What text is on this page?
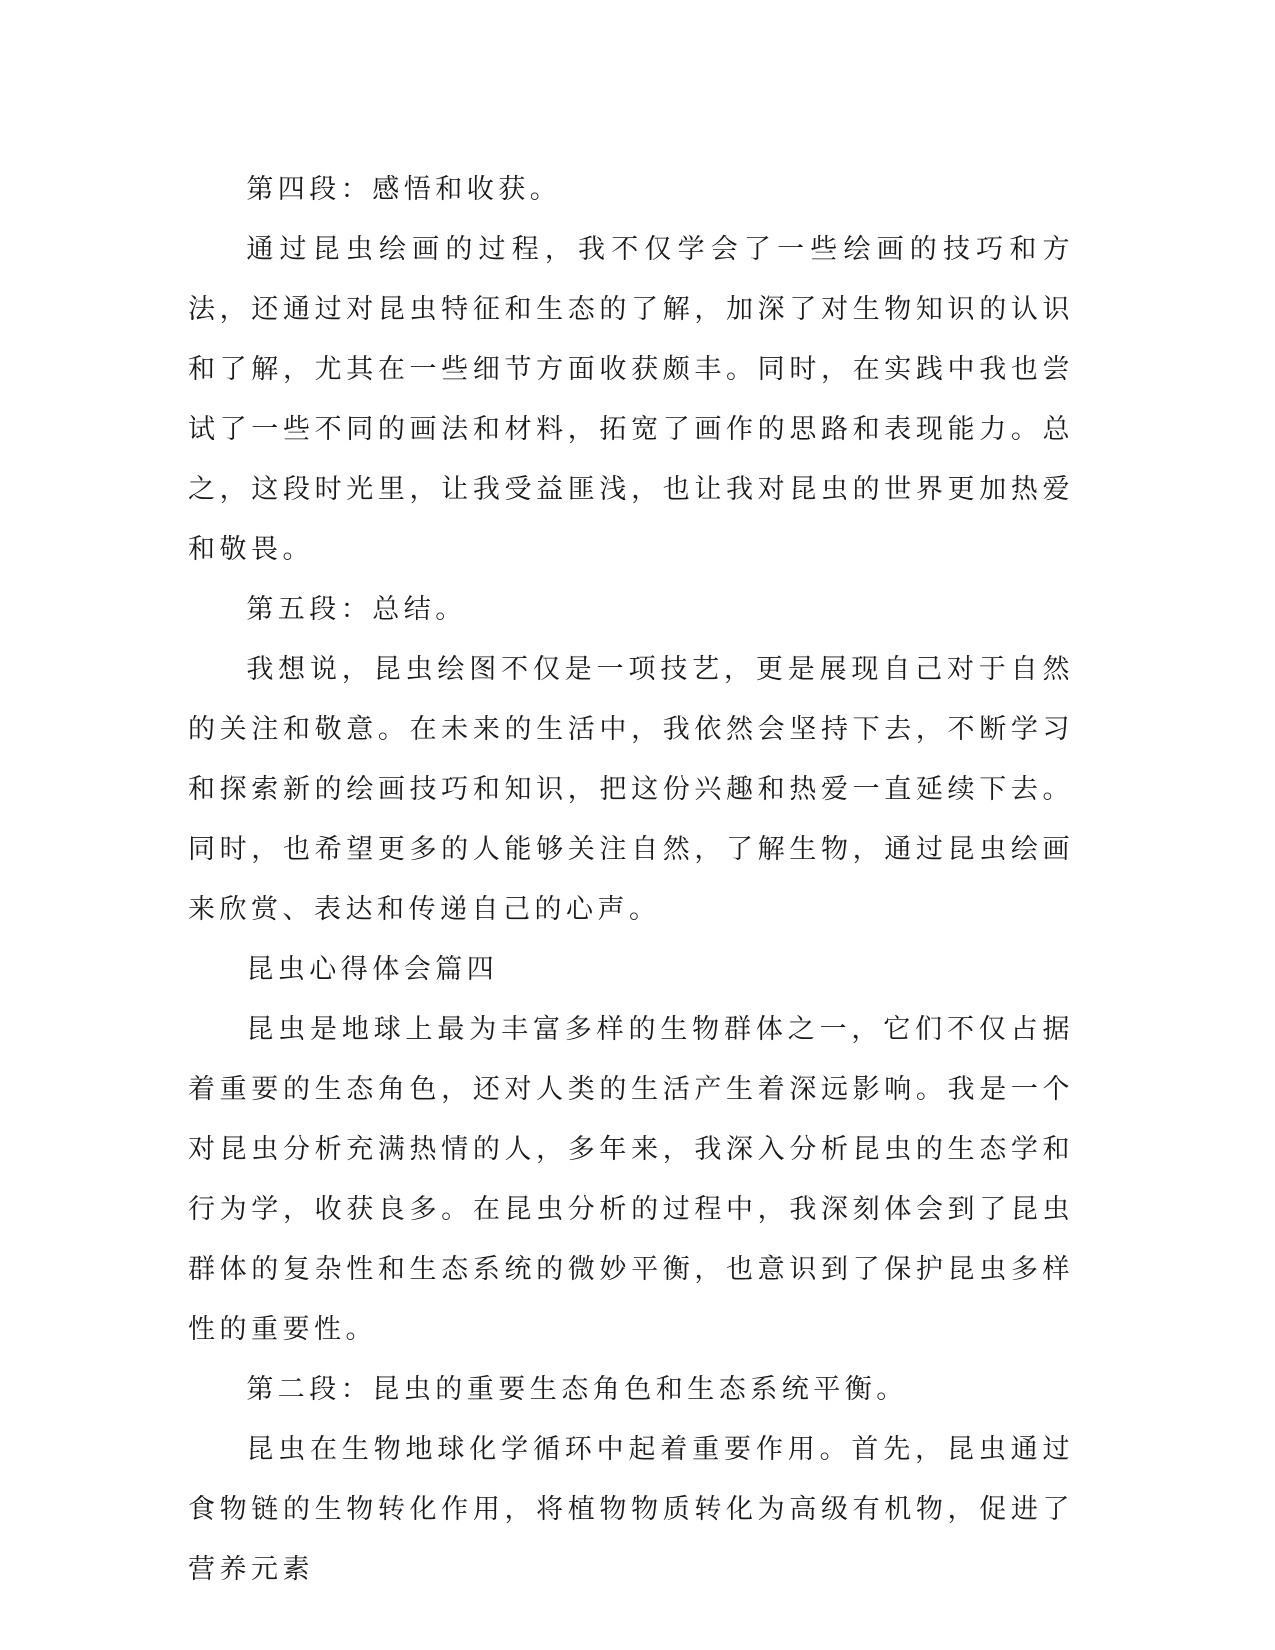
第四段：感悟和收获。

通过昆虫绘画的过程，我不仅学会了一些绘画的技巧和方法，还通过对昆虫特征和生态的了解，加深了对生物知识的认识和了解，尤其在一些细节方面收获颇丰。同时，在实践中我也尝试了一些不同的画法和材料，拓宽了画作的思路和表现能力。总之，这段时光里，让我受益匪浅，也让我对昆虫的世界更加热爱和敬畏。

第五段：总结。

我想说，昆虫绘图不仅是一项技艺，更是展现自己对于自然的关注和敬意。在未来的生活中，我依然会坚持下去，不断学习和探索新的绘画技巧和知识，把这份兴趣和热爱一直延续下去。同时，也希望更多的人能够关注自然，了解生物，通过昆虫绘画来欣赏、表达和传递自己的心声。

昆虫心得体会篇四

昆虫是地球上最为丰富多样的生物群体之一，它们不仅占据着重要的生态角色，还对人类的生活产生着深远影响。我是一个对昆虫分析充满热情的人，多年来，我深入分析昆虫的生态学和行为学，收获良多。在昆虫分析的过程中，我深刻体会到了昆虫群体的复杂性和生态系统的微妙平衡，也意识到了保护昆虫多样性的重要性。

第二段：昆虫的重要生态角色和生态系统平衡。

昆虫在生物地球化学循环中起着重要作用。首先，昆虫通过食物链的生物转化作用，将植物物质转化为高级有机物，促进了营养元素
